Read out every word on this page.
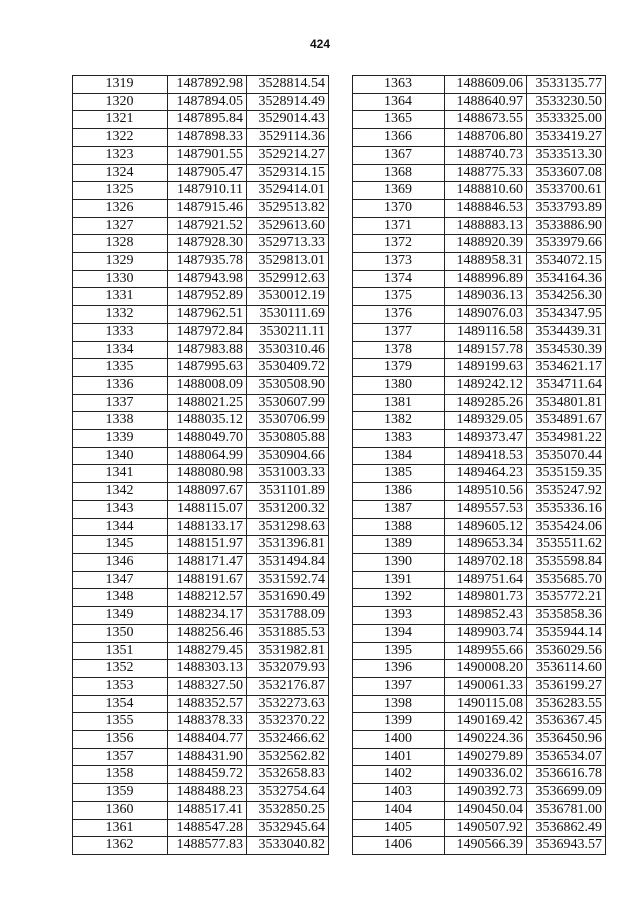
424
1319	1487892.98	3528814.54
1320	1487894.05	3528914.49
1321	1487895.84	3529014.43
1322	1487898.33	3529114.36
1323	1487901.55	3529214.27
1324	1487905.47	3529314.15
1325	1487910.11	3529414.01
1326	1487915.46	3529513.82
1327	1487921.52	3529613.60
1328	1487928.30	3529713.33
1329	1487935.78	3529813.01
1330	1487943.98	3529912.63
1331	1487952.89	3530012.19
1332	1487962.51	3530111.69
1333	1487972.84	3530211.11
1334	1487983.88	3530310.46
1335	1487995.63	3530409.72
1336	1488008.09	3530508.90
1337	1488021.25	3530607.99
1338	1488035.12	3530706.99
1339	1488049.70	3530805.88
1340	1488064.99	3530904.66
1341	1488080.98	3531003.33
1342	1488097.67	3531101.89
1343	1488115.07	3531200.32
1344	1488133.17	3531298.63
1345	1488151.97	3531396.81
1346	1488171.47	3531494.84
1347	1488191.67	3531592.74
1348	1488212.57	3531690.49
1349	1488234.17	3531788.09
1350	1488256.46	3531885.53
1351	1488279.45	3531982.81
1352	1488303.13	3532079.93
1353	1488327.50	3532176.87
1354	1488352.57	3532273.63
1355	1488378.33	3532370.22
1356	1488404.77	3532466.62
1357	1488431.90	3532562.82
1358	1488459.72	3532658.83
1359	1488488.23	3532754.64
1360	1488517.41	3532850.25
1361	1488547.28	3532945.64
1362	1488577.83	3533040.82
1363	1488609.06	3533135.77
1364	1488640.97	3533230.50
1365	1488673.55	3533325.00
1366	1488706.80	3533419.27
1367	1488740.73	3533513.30
1368	1488775.33	3533607.08
1369	1488810.60	3533700.61
1370	1488846.53	3533793.89
1371	1488883.13	3533886.90
1372	1488920.39	3533979.66
1373	1488958.31	3534072.15
1374	1488996.89	3534164.36
1375	1489036.13	3534256.30
1376	1489076.03	3534347.95
1377	1489116.58	3534439.31
1378	1489157.78	3534530.39
1379	1489199.63	3534621.17
1380	1489242.12	3534711.64
1381	1489285.26	3534801.81
1382	1489329.05	3534891.67
1383	1489373.47	3534981.22
1384	1489418.53	3535070.44
1385	1489464.23	3535159.35
1386	1489510.56	3535247.92
1387	1489557.53	3535336.16
1388	1489605.12	3535424.06
1389	1489653.34	3535511.62
1390	1489702.18	3535598.84
1391	1489751.64	3535685.70
1392	1489801.73	3535772.21
1393	1489852.43	3535858.36
1394	1489903.74	3535944.14
1395	1489955.66	3536029.56
1396	1490008.20	3536114.60
1397	1490061.33	3536199.27
1398	1490115.08	3536283.55
1399	1490169.42	3536367.45
1400	1490224.36	3536450.96
1401	1490279.89	3536534.07
1402	1490336.02	3536616.78
1403	1490392.73	3536699.09
1404	1490450.04	3536781.00
1405	1490507.92	3536862.49
1406	1490566.39	3536943.57
